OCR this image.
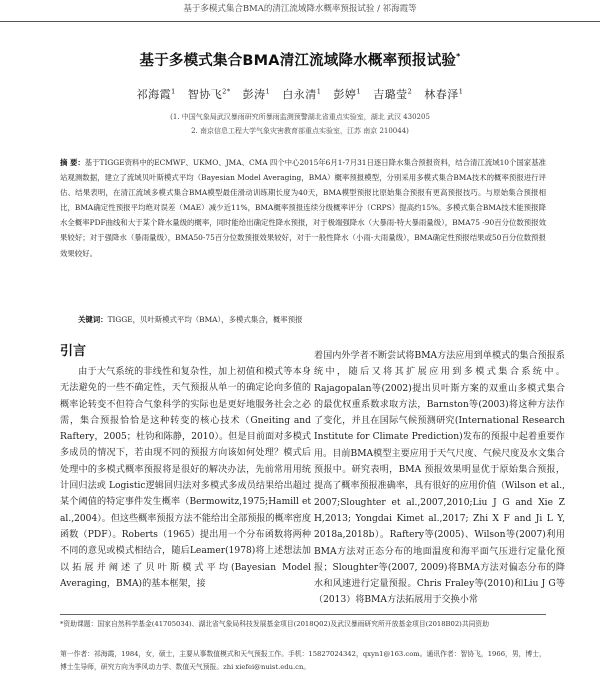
基于多模式集合BMA的清江流域降水概率预报试验 / 祁海霞等
基于多模式集合BMA清江流域降水概率预报试验*
祁海霞$^1$ 智协飞$^{2*}$ 彭涛$^1$ 白永清$^1$ 彭婷$^1$ 吉璐莹$^2$ 林春泽$^1$
(1. 中国气象局武汉暴雨研究所暴雨监测预警湖北省重点实验室，湖北 武汉 430205
2. 南京信息工程大学气象灾害教育部重点实验室，江苏 南京 210044)
摘 要：基于TIGGE资料中的ECMWF、UKMO、JMA、CMA 四个中心2015年6月1-7月31日逐日降水集合预报资料，结合清江流域10个国家基准站观测数据，建立了流域贝叶斯模式平均（Bayesian Model Averaging，BMA）概率预报模型，分别采用多模式集合BMA技术的概率预报进行评估、结果表明，在清江流域多模式集合BMA模型最佳滑动训练期长度为40天，BMA模型预报比原始集合预报有更高预报技巧。与原始集合预报相比，BMA确定性预报平均绝对误差（MAE）减少近11%，BMA概率预报连续分级概率评分（CRPS）提高约15%。多模式集合BMA技术能预报降水全概率PDF曲线和大于某个降水量级的概率，同时能给出确定性降水预报，对于极端强降水（大暴雨-特大暴雨量级），BMA75 -90百分位数预报效果较好；对于强降水（暴雨量级），BMA50-75百分位数预报效果较好，对于一般性降水（小雨-大雨量级），BMA确定性预报结果或50百分位数预报效果较好。
关键词：TIGGE，贝叶斯模式平均（BMA），多模式集合，概率预报
引言

由于大气系统的非线性和复杂性，加上初值和模式等本身无法避免的一些不确定性，天气预报从单一的确定论向多值的概率论转变不但符合气象科学的实际也是更好地服务社会之必需，集合预报恰恰是这种转变的核心技术（Gneiting and Raftery，2005；杜钧和陈静，2010）。但是目前面对多模式多成员的情况下，若由现不同的预报方向该如何处理？模式后处理中的多模式概率预报将是很好的解决办法，先前常用用统计回归法或 Logistic逻辑回归法对多模式多成员结果给出超过某个阈值的特定事件发生概率（Bermowitz,1975;Hamill et al.,2004）。但这些概率预报方法不能给出全部预报的概率密度函数（PDF）。Roberts（1965）提出用一个分布函数将两种不同的意见或模式相结合，随后Leamer(1978)将上述想法加以拓展并阐述了贝叶斯模式平均(Bayesian Model Averaging，BMA)的基本框架，接

着国内外学者不断尝试将BMA方法应用到单模式的集合预报系统中，随后又将其扩展应用到多模式集合系统中。Rajagopalan等(2002)提出贝叶斯方案的双重山多模式集合的最优权重系数求取方法，Barnston等(2003)将这种方法作了变化，并且在国际气候预测研究(International Research Institute for Climate Prediction)发布的预报中起着重要作用。目前BMA模型主要应用于天气尺度、气候尺度及水文集合预报中。研究表明，BMA 预报效果明显优于原始集合预报，提高了概率预报准确率，具有很好的应用价值（Wilson et al., 2007;Sloughter et al.,2007,2010;Liu J G and Xie Z H,2013; Yongdai Kimet al.,2017; Zhi X F and Ji L Y, 2018a,2018b）。Raftery等(2005)、Wilson等(2007)利用BMA方法对正态分布的地面温度和海平面气压进行定量化预报；Sloughter等(2007, 2009)将BMA方法对偏态分布的降水和风速进行定量预报。Chris Fraley等(2010)和Liu J G等（2013）将BMA方法拓展用于交换小常

*资助课题：国家自然科学基金(41705034)、湖北省气象局科技发展基金项目(2018Q02)及武汉暴雨研究所开放基金项目(2018B02)共同资助
第一作者：祁海霞，1984，女，硕士，主要从事数值模式和天气预报工作。手机：15827024342，qxyn1@163.com。通讯作者：智协飞，1966，男，博士，博士生导师，研究方向为季风动力学、数值天气预报。zhi xiefei@nuist.edu.cn。
